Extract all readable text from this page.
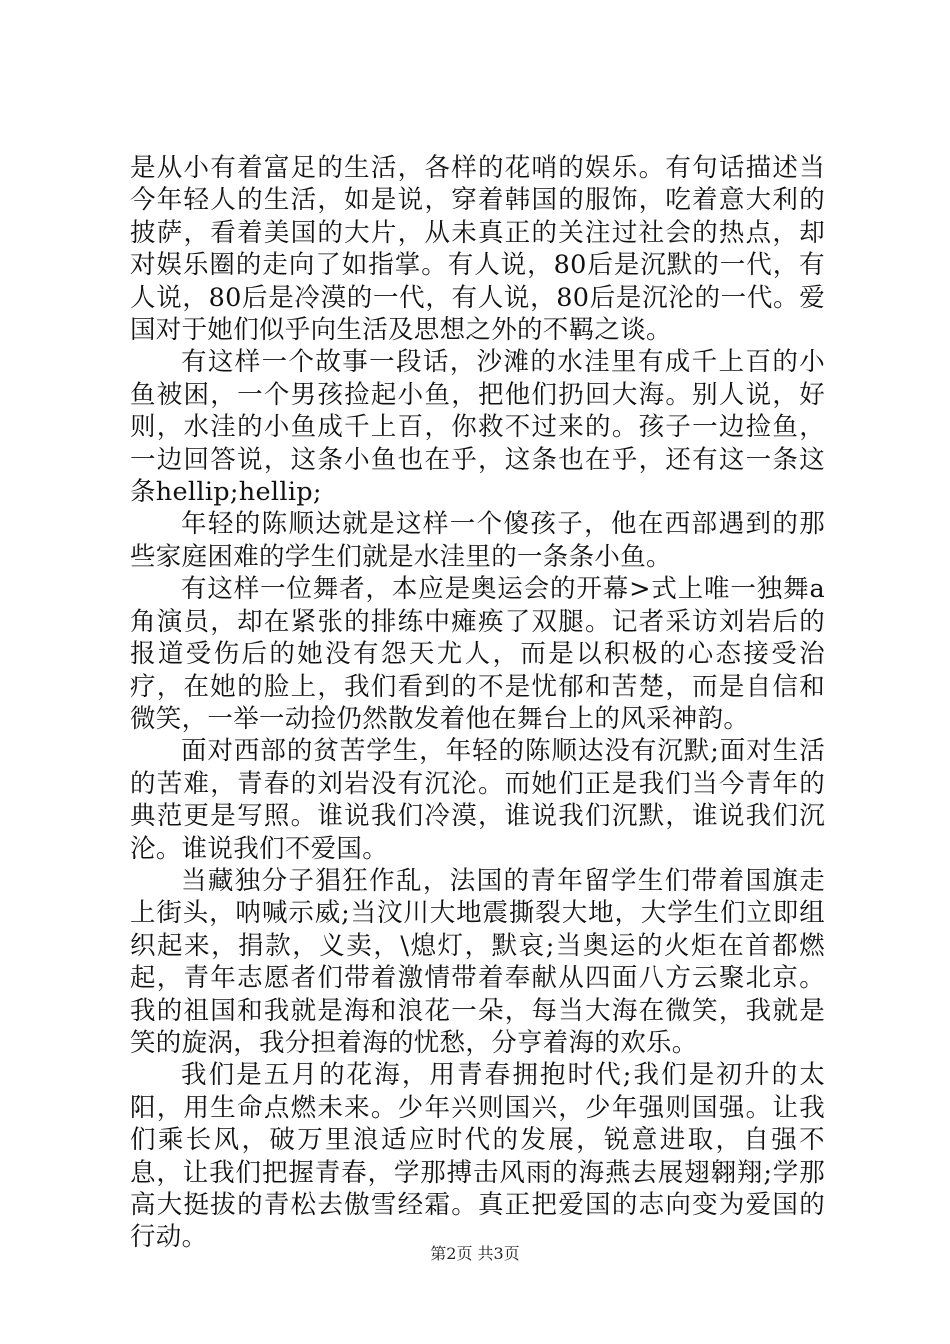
是从小有着富足的生活，各样的花哨的娱乐。有句话描述当今年轻人的生活，如是说，穿着韩国的服饰，吃着意大利的披萨，看着美国的大片，从未真正的关注过社会的热点，却对娱乐圈的走向了如指掌。有人说，80后是沉默的一代，有人说，80后是冷漠的一代，有人说，80后是沉沦的一代。爱国对于她们似乎向生活及思想之外的不羁之谈。

有这样一个故事一段话，沙滩的水洼里有成千上百的小鱼被困，一个男孩捡起小鱼，把他们扔回大海。别人说，好则，水洼的小鱼成千上百，你救不过来的。孩子一边捡鱼，一边回答说，这条小鱼也在乎，这条也在乎，还有这一条这条hellip;hellip;

年轻的陈顺达就是这样一个傻孩子，他在西部遇到的那些家庭困难的学生们就是水洼里的一条条小鱼。

有这样一位舞者，本应是奥运会的开幕>式上唯一独舞a角演员，却在紧张的排练中瘫痪了双腿。记者采访刘岩后的报道受伤后的她没有怨天尤人，而是以积极的心态接受治疗，在她的脸上，我们看到的不是忧郁和苦楚，而是自信和微笑，一举一动捡仍然散发着他在舞台上的风采神韵。

面对西部的贫苦学生，年轻的陈顺达没有沉默;面对生活的苦难，青春的刘岩没有沉沦。而她们正是我们当今青年的典范更是写照。谁说我们冷漠，谁说我们沉默，谁说我们沉沦。谁说我们不爱国。

当藏独分子猖狂作乱，法国的青年留学生们带着国旗走上街头，呐喊示威;当汶川大地震撕裂大地，大学生们立即组织起来，捐款，义卖，\熄灯，默哀;当奥运的火炬在首都燃起，青年志愿者们带着激情带着奉献从四面八方云聚北京。我的祖国和我就是海和浪花一朵，每当大海在微笑，我就是笑的旋涡，我分担着海的忧愁，分亨着海的欢乐。

我们是五月的花海，用青春拥抱时代;我们是初升的太阳，用生命点燃未来。少年兴则国兴，少年强则国强。让我们乘长风，破万里浪适应时代的发展，锐意进取，自强不息，让我们把握青春，学那搏击风雨的海燕去展翅翱翔;学那高大挺拔的青松去傲雪经霜。真正把爱国的志向变为爱国的行动。

第2页 共3页
